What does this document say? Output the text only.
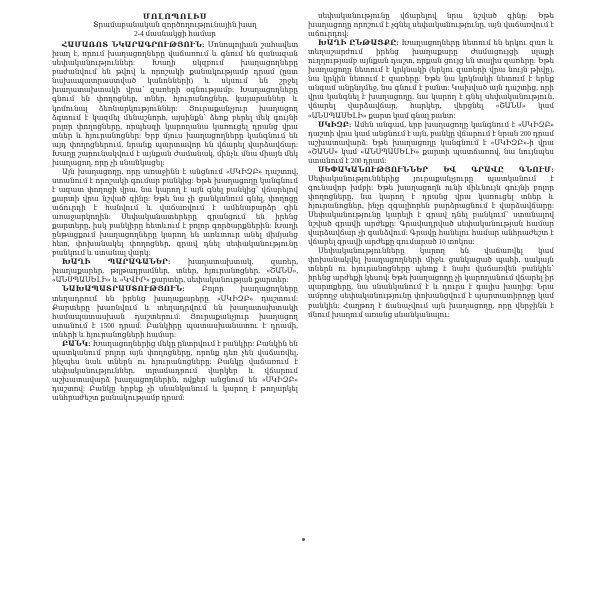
ՄՈԼՈՊՈԼԻՍ
Տրամաբանական զործողությունային խաղ
2-4 մասնակցի համար

ՀԱՄԱՌՈՏ ՆԿԱՐԱԳՐՈՒԹՅՈՒՆ: Մոնոպոլիան շահավետ խաղ է, որում խաղացողները վաճառում և գնում են զանազան սեփականություններ: Խաղի սկզբում խաղացողները բաժանվում են թվով և որոշակի քանակությամբ դրամ (ըստ նախապատրաստված կանոնների) և սկսում են շրջել խաղատախտակի վրա՝ զառերի օգնությամբ: Խաղացողները գնում են փողոցներ, տներ, հյուրանոցներ, կայարաններ և կոմունալ ձեռնարկություններ: Յուրաքանչյուր խաղացող ձգտում է կազմել մենաշնորհ, այսինքն՝ ձեռք բերել մեկ գույնի բոլոր փողոցները, որպեսզի կարողանա կառուցել դրանց վրա տներ և հյուրանոցներ: Երբ մյուս խաղացողները կանգնում են այդ փողոցներում, նրանք պարտավոր են վճարել վարձավճար: Խաղը շարունակվում է այնքան ժամանակ, մինչև մնա միայն մեկ խաղացող, որը չի սնանկացել:

Այն խաղացողը, որը առաջինն է անցնում «ՍԿԻԶԲ» դաշտով, ստանում է որոշակի գումար բանկից: Եթե խաղացողը կանգնում է ազատ փողոցի վրա, նա կարող է այն գնել բանկից՝ վճարելով քարտի վրա նշված գինը: Եթե նա չի ցանկանում գնել, փողոցը աճուրդի է հանվում և վաճառվում է ամենաբարձր գին առաջարկողին: Սեփականատերերը գրանցում են իրենց քարտերը, իսկ բանկիրը հետևում է բոլոր գործարքներին: Խաղի ընթացքում խաղացողները կարող են առևտուր անել միմյանց հետ, փոխանակել փողոցներ, գրավ դնել սեփականությունը բանկում և ստանալ վարկ:

ԽԱՂԻ ՊԱՐԱԳԱՆԵՐ: խաղատախտակ, զառեր, խաղաքարեր, թղթադրամներ, տներ, հյուրանոցներ, «ՇԱՆՍ», «ԱՆՍՊԱՍԵԼԻ» և «ԿՎԻՐ» քարտեր, սեփականության քարտեր:

ՆԱԽԱՊԱՏՐԱՍՏՈՒԹՅՈՒՆ: Բոլոր խաղացողները տեղադրում են իրենց խաղաքարերը «ՍԿԻԶԲ» դաշտում: Քարտերը խառնվում և տեղադրվում են խաղատախտակի համապատասխան դաշտերում: Յուրաքանչյուր խաղացող ստանում է 1500 դրամ: Բանկիրը պատասխանատու է դրամի, տների և հյուրանոցների համար:

ԲԱՆԿ: Խաղացողներից մեկը ընտրվում է բանկիր: Բանկին են պատկանում բոլոր այն փողոցները, որոնք դեռ չեն վաճառվել, ինչպես նաև տներն ու հյուրանոցները: Բանկը վաճառում է սեփականություններ, տրամադրում վարկեր և վճարում աշխատավարձ խաղացողներին, ովքեր անցնում են «ՍԿԻԶԲ» դաշտով: Բանկը երբեք չի սնանկանում և կարող է թողարկել անհրաժեշտ քանակությամբ դրամ:

սեփականությունը վճարելով նրա նշված գինը: Եթե խաղացողը որոշում է չգնել սեփականությունը, այն վաճառվում է աճուրդով:

ԽԱՂԻ ԸՆԹԱՑՔԸ: Խաղացողները նետում են երկու զառ և տեղաշարժում իրենց խաղաքարը ժամացույցի սլաքի ուղղությամբ այնքան դաշտ, որքան ցույց են տալիս զառերը: Եթե խաղացողը նետում է կրկնակի (երկու զառերի վրա նույն թիվը), նա կրկին նետում է զառերը: Եթե նա կրկնակի նետում է երեք անգամ անընդմեջ, նա գնում է բանտ: Կախված այն դաշտից, որի վրա կանգնել է խաղացողը, նա կարող է գնել սեփականություն, վճարել վարձավճար, հարկեր, վերցնել «ՇԱՆՍ» կամ «ԱՆՍՊԱՍԵԼԻ» քարտ կամ գնալ բանտ:

ՍԿԻԶԲ: Ամեն անգամ, երբ խաղացողը կանգնում է «ՍԿԻԶԲ» դաշտի վրա կամ անցնում է այն, բանկը վճարում է նրան 200 դրամ աշխատավարձ: Եթե խաղացողը կանգնում է «ՍԿԻԶԲ»-ի վրա «ՇԱՆՍ» կամ «ԱՆՍՊԱՍԵԼԻ» քարտի պատճառով, նա նույնպես ստանում է 200 դրամ:

ՍԵՓԱԿԱՆՈՒԹՅՈՒՆՆԵՐ ԵՎ ԳՐԱՎԸ ԳՆՈՒՄ: Սեփականություններից յուրաքանչյուրը պատկանում է գունավոր խմբի: Եթե խաղացողն ունի միևնույն գույնի բոլոր փողոցները, նա կարող է դրանց վրա կառուցել տներ և հյուրանոցներ, ինչը զգալիորեն բարձրացնում է վարձավճարը: Սեփականությունը կարելի է գրավ դնել բանկում՝ ստանալով նշված գրավի արժեքը: Գրավադրված սեփականության համար վարձավճար չի գանձվում: Գրավը հանելու համար անհրաժեշտ է վճարել գրավի արժեքը գումարած 10 տոկոս:

Սեփականությունները կարող են վաճառվել կամ փոխանակվել խաղացողների միջև ցանկացած պահի, սակայն տներն ու հյուրանոցները պետք է նախ վաճառվեն բանկին՝ իրենց արժեքի կեսով: Եթե խաղացողը չի կարողանում վճարել իր պարտքերը, նա սնանկանում է և դուրս է գալիս խաղից: Նրա ամբողջ սեփականությունը փոխանցվում է պարտատիրոջը կամ բանկին: Հաղթող է ճանաչվում այն խաղացողը, որը վերջինն է մնում խաղում առանց սնանկանալու:
